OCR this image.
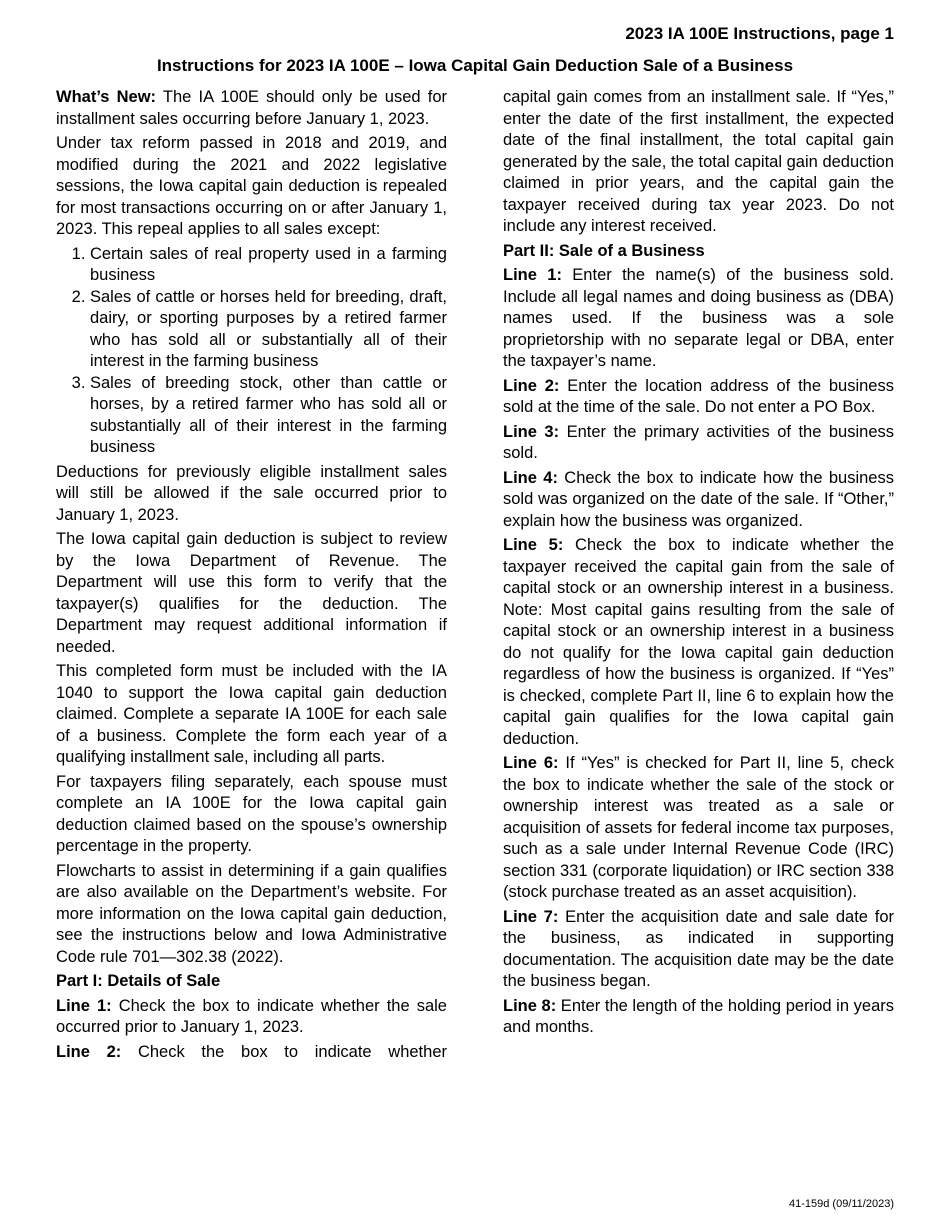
2023 IA 100E Instructions, page 1
Instructions for 2023 IA 100E – Iowa Capital Gain Deduction Sale of a Business

What’s New: The IA 100E should only be used for installment sales occurring before January 1, 2023.

Under tax reform passed in 2018 and 2019, and modified during the 2021 and 2022 legislative sessions, the Iowa capital gain deduction is repealed for most transactions occurring on or after January 1, 2023. This repeal applies to all sales except:

1. Certain sales of real property used in a farming business
2. Sales of cattle or horses held for breeding, draft, dairy, or sporting purposes by a retired farmer who has sold all or substantially all of their interest in the farming business
3. Sales of breeding stock, other than cattle or horses, by a retired farmer who has sold all or substantially all of their interest in the farming business

Deductions for previously eligible installment sales will still be allowed if the sale occurred prior to January 1, 2023.

The Iowa capital gain deduction is subject to review by the Iowa Department of Revenue. The Department will use this form to verify that the taxpayer(s) qualifies for the deduction. The Department may request additional information if needed.

This completed form must be included with the IA 1040 to support the Iowa capital gain deduction claimed. Complete a separate IA 100E for each sale of a business. Complete the form each year of a qualifying installment sale, including all parts.

For taxpayers filing separately, each spouse must complete an IA 100E for the Iowa capital gain deduction claimed based on the spouse’s ownership percentage in the property.

Flowcharts to assist in determining if a gain qualifies are also available on the Department’s website. For more information on the Iowa capital gain deduction, see the instructions below and Iowa Administrative Code rule 701—302.38 (2022).

Part I: Details of Sale

Line 1: Check the box to indicate whether the sale occurred prior to January 1, 2023.

Line 2: Check the box to indicate whether

capital gain comes from an installment sale. If “Yes,” enter the date of the first installment, the expected date of the final installment, the total capital gain generated by the sale, the total capital gain deduction claimed in prior years, and the capital gain the taxpayer received during tax year 2023. Do not include any interest received.

Part II: Sale of a Business

Line 1: Enter the name(s) of the business sold. Include all legal names and doing business as (DBA) names used. If the business was a sole proprietorship with no separate legal or DBA, enter the taxpayer’s name.

Line 2: Enter the location address of the business sold at the time of the sale. Do not enter a PO Box.

Line 3: Enter the primary activities of the business sold.

Line 4: Check the box to indicate how the business sold was organized on the date of the sale. If “Other,” explain how the business was organized.

Line 5: Check the box to indicate whether the taxpayer received the capital gain from the sale of capital stock or an ownership interest in a business. Note: Most capital gains resulting from the sale of capital stock or an ownership interest in a business do not qualify for the Iowa capital gain deduction regardless of how the business is organized. If “Yes” is checked, complete Part II, line 6 to explain how the capital gain qualifies for the Iowa capital gain deduction.

Line 6: If “Yes” is checked for Part II, line 5, check the box to indicate whether the sale of the stock or ownership interest was treated as a sale or acquisition of assets for federal income tax purposes, such as a sale under Internal Revenue Code (IRC) section 331 (corporate liquidation) or IRC section 338 (stock purchase treated as an asset acquisition).

Line 7: Enter the acquisition date and sale date for the business, as indicated in supporting documentation. The acquisition date may be the date the business began.

Line 8: Enter the length of the holding period in years and months.

41-159d (09/11/2023)
